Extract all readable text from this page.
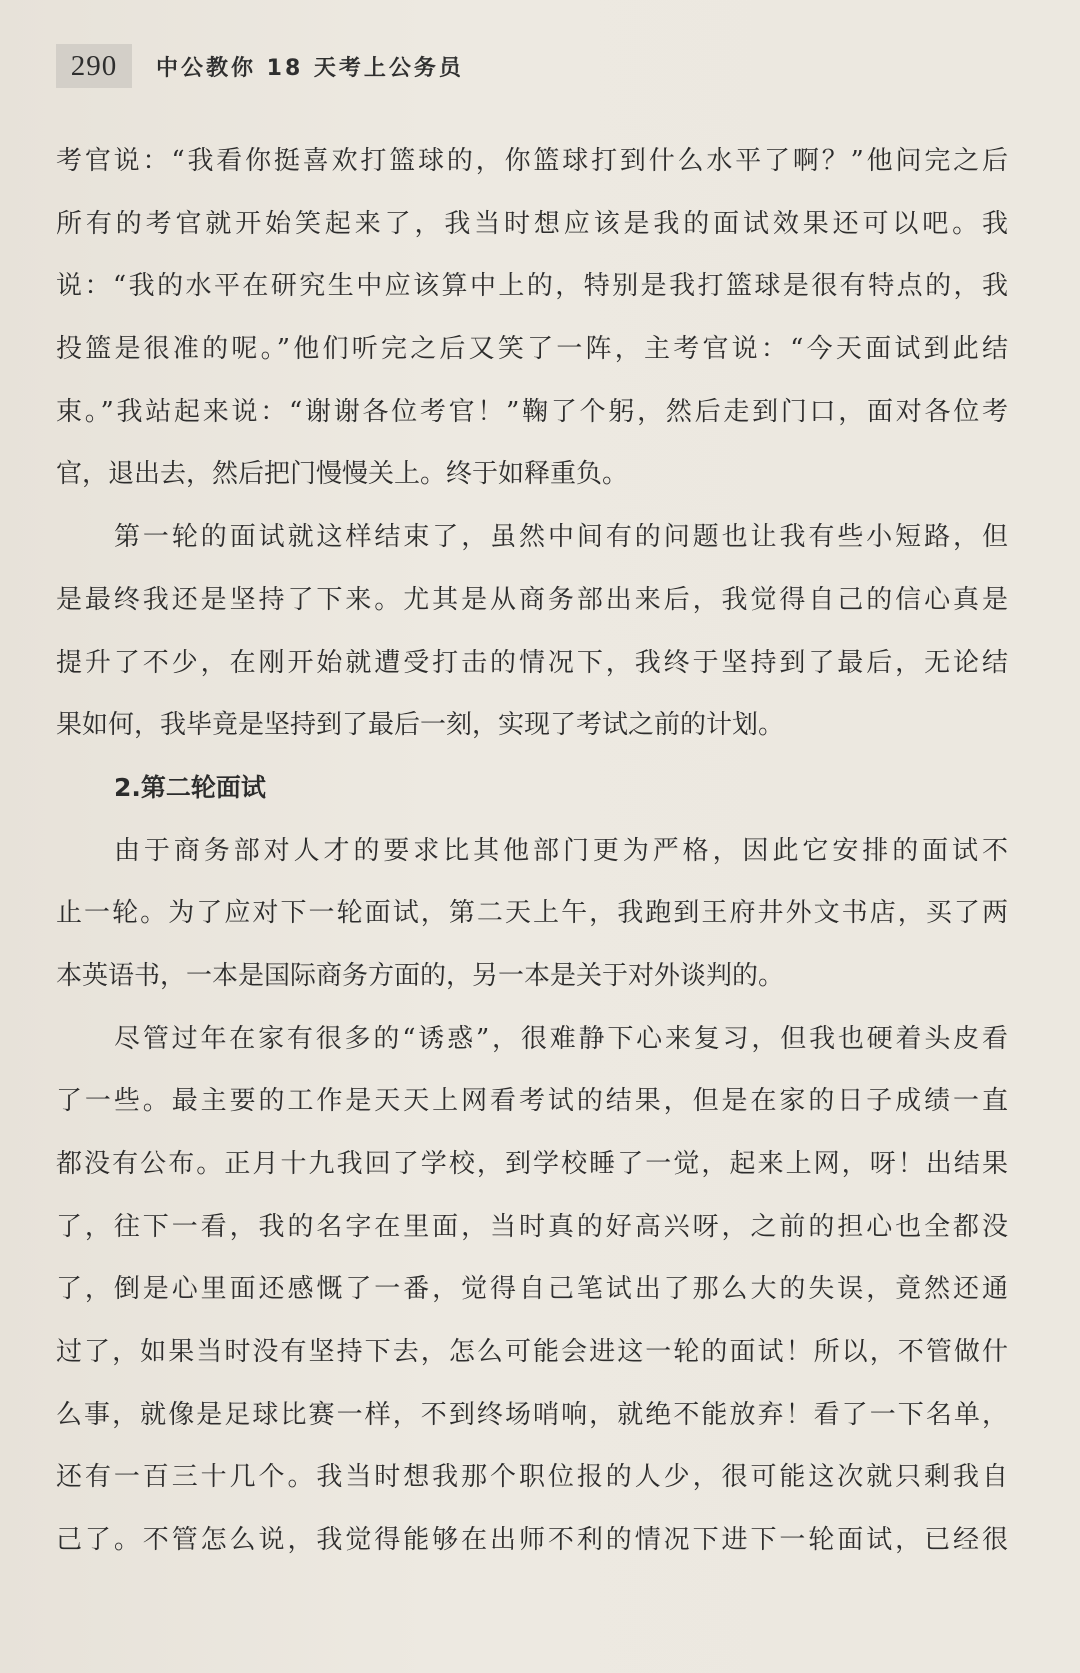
290	中公教你 18 天考上公务员
考官说：“我看你挺喜欢打篮球的，你篮球打到什么水平了啊？”他问完之后
所有的考官就开始笑起来了，我当时想应该是我的面试效果还可以吧。我
说：“我的水平在研究生中应该算中上的，特别是我打篮球是很有特点的，我
投篮是很准的呢。”他们听完之后又笑了一阵，主考官说：“今天面试到此结
束。”我站起来说：“谢谢各位考官！”鞠了个躬，然后走到门口，面对各位考
官，退出去，然后把门慢慢关上。终于如释重负。
第一轮的面试就这样结束了，虽然中间有的问题也让我有些小短路，但
是最终我还是坚持了下来。尤其是从商务部出来后，我觉得自己的信心真是
提升了不少，在刚开始就遭受打击的情况下，我终于坚持到了最后，无论结
果如何，我毕竟是坚持到了最后一刻，实现了考试之前的计划。
2.第二轮面试
由于商务部对人才的要求比其他部门更为严格，因此它安排的面试不
止一轮。为了应对下一轮面试，第二天上午，我跑到王府井外文书店，买了两
本英语书，一本是国际商务方面的，另一本是关于对外谈判的。
尽管过年在家有很多的“诱惑”，很难静下心来复习，但我也硬着头皮看
了一些。最主要的工作是天天上网看考试的结果，但是在家的日子成绩一直
都没有公布。正月十九我回了学校，到学校睡了一觉，起来上网，呀！出结果
了，往下一看，我的名字在里面，当时真的好高兴呀，之前的担心也全都没
了，倒是心里面还感慨了一番，觉得自己笔试出了那么大的失误，竟然还通
过了，如果当时没有坚持下去，怎么可能会进这一轮的面试！所以，不管做什
么事，就像是足球比赛一样，不到终场哨响，就绝不能放弃！看了一下名单，
还有一百三十几个。我当时想我那个职位报的人少，很可能这次就只剩我自
己了。不管怎么说，我觉得能够在出师不利的情况下进下一轮面试，已经很
